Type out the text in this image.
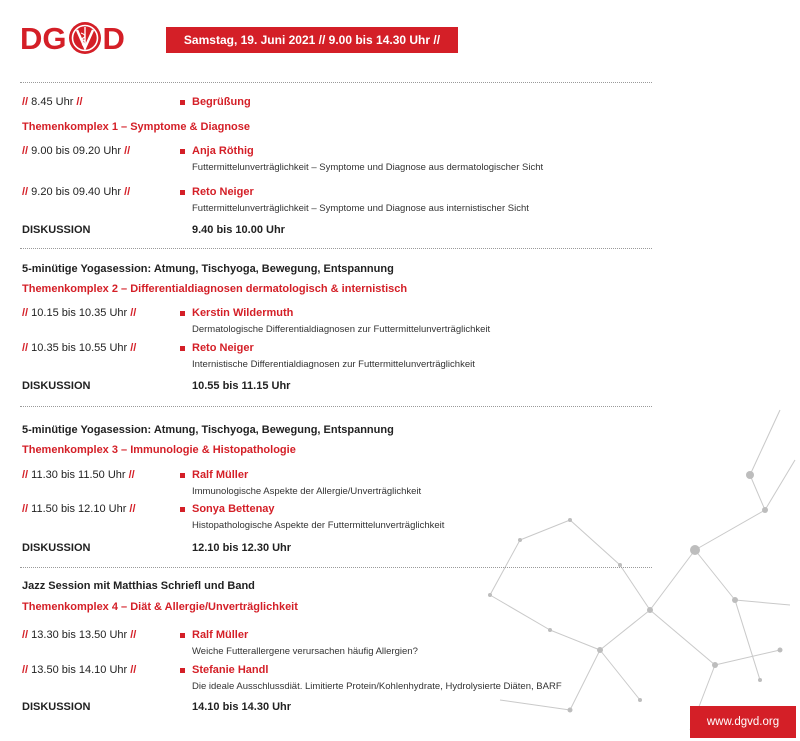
DG D	Samstag, 19. Juni 2021 // 9.00 bis 14.30 Uhr //
// 8.45 Uhr //	Begrüßung
Themenkomplex 1 – Symptome & Diagnose
// 9.00 bis 09.20 Uhr //	Anja Röthig
Futtermittelunverträglichkeit – Symptome und Diagnose aus dermatologischer Sicht
// 9.20 bis 09.40 Uhr //	Reto Neiger
Futtermittelunverträglichkeit – Symptome und Diagnose aus internistischer Sicht
DISKUSSION	9.40 bis 10.00 Uhr
5-minütige Yogasession: Atmung, Tischyoga, Bewegung, Entspannung
Themenkomplex 2 – Differentialdiagnosen dermatologisch & internistisch
// 10.15 bis 10.35 Uhr //	Kerstin Wildermuth
Dermatologische Differentialdiagnosen zur Futtermittelunverträglichkeit
// 10.35 bis 10.55 Uhr //	Reto Neiger
Internistische Differentialdiagnosen zur Futtermittelunverträglichkeit
DISKUSSION	10.55 bis 11.15 Uhr
5-minütige Yogasession: Atmung, Tischyoga, Bewegung, Entspannung
Themenkomplex 3 – Immunologie & Histopathologie
// 11.30 bis 11.50 Uhr //	Ralf Müller
Immunologische Aspekte der Allergie/Unverträglichkeit
// 11.50 bis 12.10 Uhr //	Sonya Bettenay
Histopathologische Aspekte der Futtermittelunverträglichkeit
DISKUSSION	12.10 bis 12.30 Uhr
Jazz Session mit Matthias Schriefl und Band
Themenkomplex 4 – Diät & Allergie/Unverträglichkeit
// 13.30 bis 13.50 Uhr //	Ralf Müller
Weiche Futterallergene verursachen häufig Allergien?
// 13.50 bis 14.10 Uhr //	Stefanie Handl
Die ideale Ausschlussdiät. Limitierte Protein/Kohlenhydrate, Hydrolysierte Diäten, BARF
DISKUSSION	14.10 bis 14.30 Uhr
www.dgvd.org
